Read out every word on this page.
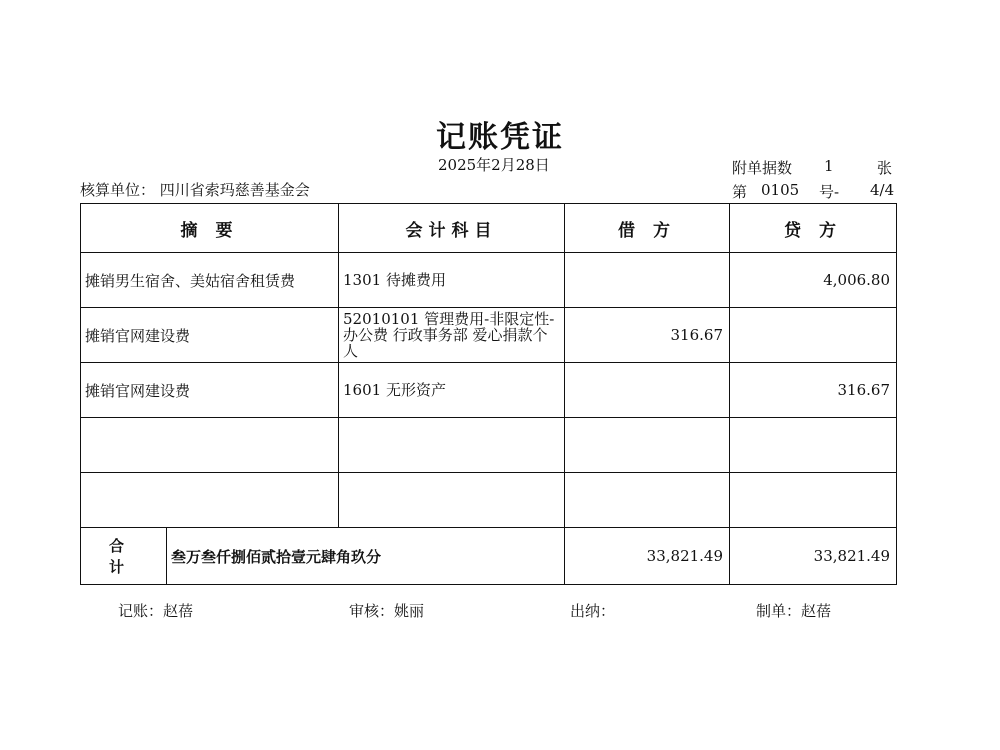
记账凭证
2025年2月28日
核算单位： 四川省索玛慈善基金会
附单据数 1	张
第 0105 号- 4/4
摘 要		会计科目	借 方	贷 方
摊销男生宿舍、美姑宿舍租赁费		1301 待摊费用		4,006.80
摊销官网建设费		52010101 管理费用-非限定性-办公费 行政事务部 爱心捐款个人	316.67	
摊销官网建设费		1601 无形资产		316.67

合 计	叁万叁仟捌佰贰拾壹元肆角玖分		33,821.49	33,821.49
记账：赵蓓	审核：姚丽	出纳：	制单：赵蓓
